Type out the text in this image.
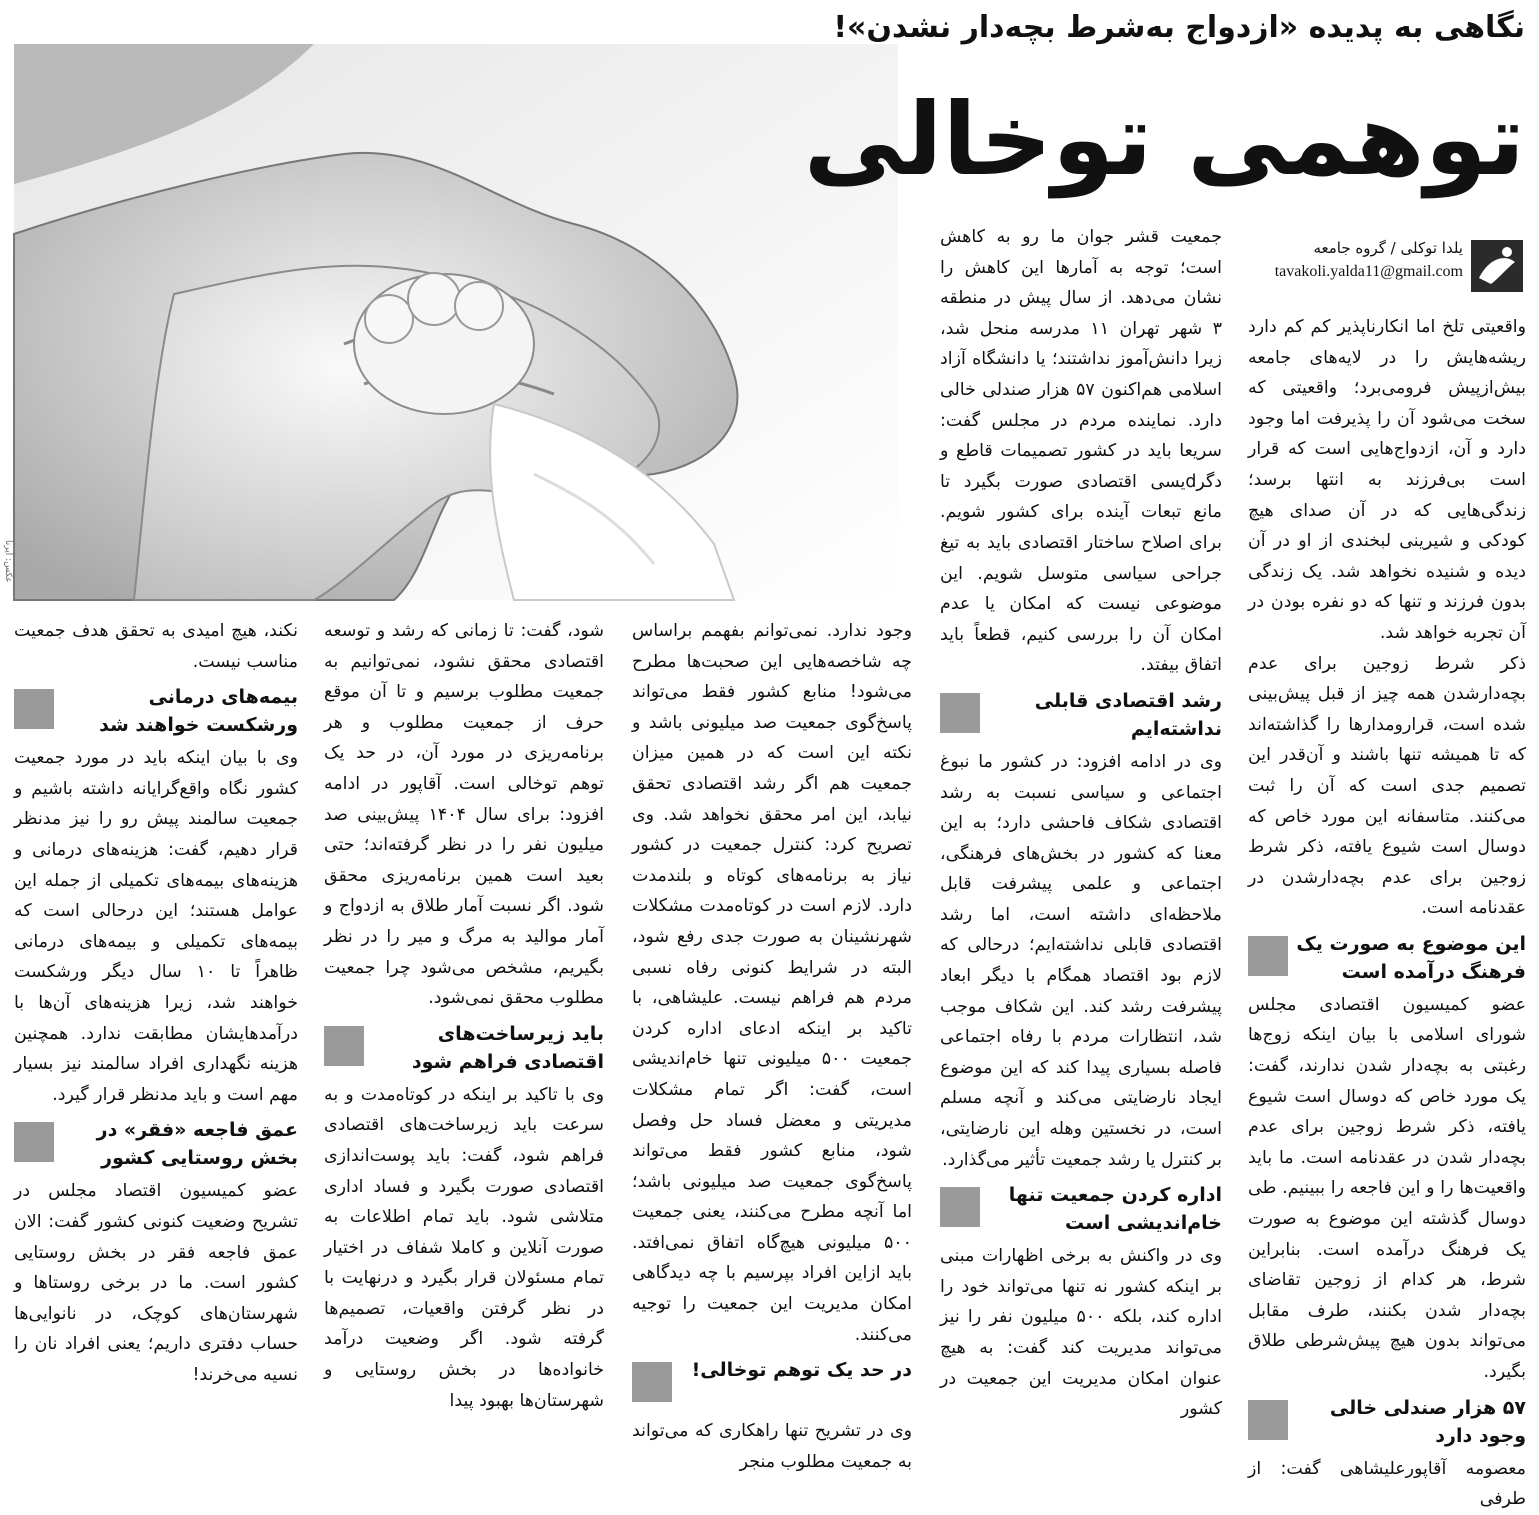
عکس: ایرنا
نگاهی به پدیده «ازدواج به‌شرط بچه‌دار نشدن»!
توهمی توخالی
یلدا توکلی / گروه جامعه
tavakoli.yalda11@gmail.com

واقعیتی تلخ اما انکارناپذیر کم کم دارد ریشه‌هایش را در لایه‌های جامعه بیش‌ازپیش فرومی‌برد؛ واقعیتی که سخت می‌شود آن را پذیرفت اما وجود دارد و آن، ازدواج‌هایی است که قرار است بی‌فرزند به انتها برسد؛ زندگی‌هایی که در آن صدای هیچ کودکی و شیرینی لبخندی از او در آن دیده و شنیده نخواهد شد. یک زندگی بدون فرزند و تنها که دو نفره بودن در آن تجربه خواهد شد.

ذکر شرط زوجین برای عدم بچه‌دارشدن همه چیز از قبل پیش‌بینی شده است، قرارومدارها را گذاشته‌اند که تا همیشه تنها باشند و آن‌قدر این تصمیم جدی است که آن را ثبت می‌کنند. متاسفانه این مورد خاص که دوسال است شیوع یافته، ذکر شرط زوجین برای عدم بچه‌دارشدن در عقدنامه است.

این موضوع به صورت یک فرهنگ درآمده است

عضو کمیسیون اقتصادی مجلس شورای اسلامی با بیان اینکه زوج‌ها رغبتی به بچه‌دار شدن ندارند، گفت: یک مورد خاص که دوسال است شیوع یافته، ذکر شرط زوجین برای عدم بچه‌دار شدن در عقدنامه است. ما باید واقعیت‌ها را و این فاجعه را ببینیم. طی دوسال گذشته این موضوع به صورت یک فرهنگ درآمده است. بنابراین شرط، هر کدام از زوجین تقاضای بچه‌دار شدن بکنند، طرف مقابل می‌تواند بدون هیچ پیش‌شرطی طلاق بگیرد.

۵۷ هزار صندلی خالی وجود دارد

معصومه آقاپور‌علیشاهی گفت: از طرفی

جمعیت قشر جوان ما رو به کاهش است؛ توجه به آمارها این کاهش را نشان می‌دهد. از سال پیش در منطقه ۳ شهر تهران ۱۱ مدرسه منحل شد، زیرا دانش‌آموز نداشتند؛ یا دانشگاه آزاد اسلامی هم‌اکنون ۵۷ هزار صندلی خالی دارد. نماینده مردم در مجلس گفت: سریعا باید در کشور تصمیمات قاطع و دگرdیسی اقتصادی صورت بگیرد تا مانع تبعات آینده برای کشور شویم. برای اصلاح ساختار اقتصادی باید به تیغ جراحی سیاسی متوسل شویم. این موضوعی نیست که امکان یا عدم امکان آن را بررسی کنیم، قطعاً باید اتفاق بیفتد.

رشد اقتصادی قابلی نداشته‌ایم

وی در ادامه افزود: در کشور ما نبوغ اجتماعی و سیاسی نسبت به رشد اقتصادی شکاف فاحشی دارد؛ به این معنا که کشور در بخش‌های فرهنگی، اجتماعی و علمی پیشرفت قابل ملاحظه‌ای داشته است، اما رشد اقتصادی قابلی نداشته‌ایم؛ درحالی که لازم بود اقتصاد همگام با دیگر ابعاد پیشرفت رشد کند. این شکاف موجب شد، انتظارات مردم با رفاه اجتماعی فاصله بسیاری پیدا کند که این موضوع ایجاد نارضایتی می‌کند و آنچه مسلم است، در نخستین وهله این نارضایتی، بر کنترل یا رشد جمعیت تأثیر می‌گذارد.

اداره کردن جمعیت تنها خام‌اندیشی است

وی در واکنش به برخی اظهارات مبنی بر اینکه کشور نه تنها می‌تواند خود را اداره کند، بلکه ۵۰۰ میلیون نفر را نیز می‌تواند مدیریت کند گفت: به هیچ عنوان امکان مدیریت این جمعیت در کشور

وجود ندارد. نمی‌توانم بفهمم براساس چه شاخصه‌هایی این صحبت‌ها مطرح می‌شود! منابع کشور فقط می‌تواند پاسخ‌گوی جمعیت صد میلیونی باشد و نکته این است که در همین میزان جمعیت هم اگر رشد اقتصادی تحقق نیابد، این امر محقق نخواهد شد. وی تصریح کرد: کنترل جمعیت در کشور نیاز به برنامه‌های کوتاه و بلندمدت دارد. لازم است در کوتاه‌مدت مشکلات شهرنشینان به صورت جدی رفع شود، البته در شرایط کنونی رفاه نسبی مردم هم فراهم نیست. علیشاهی، با تاکید بر اینکه ادعای اداره کردن جمعیت ۵۰۰ میلیونی تنها خام‌اندیشی است، گفت: اگر تمام مشکلات مدیریتی و معضل فساد حل وفصل شود، منابع کشور فقط می‌تواند پاسخ‌گوی جمعیت صد میلیونی باشد؛ اما آنچه مطرح می‌کنند، یعنی جمعیت ۵۰۰ میلیونی هیچ‌گاه اتفاق نمی‌افتد. باید ازاین افراد بپرسیم با چه دیدگاهی امکان مدیریت این جمعیت را توجیه می‌کنند.

در حد یک توهم توخالی!

وی در تشریح تنها راهکاری که می‌تواند به جمعیت مطلوب منجر

شود، گفت: تا زمانی که رشد و توسعه اقتصادی محقق نشود، نمی‌توانیم به جمعیت مطلوب برسیم و تا آن موقع حرف از جمعیت مطلوب و هر برنامه‌ریزی در مورد آن، در حد یک توهم توخالی است. آقاپور در ادامه افزود: برای سال ۱۴۰۴ پیش‌بینی صد میلیون نفر را در نظر گرفته‌اند؛ حتی بعید است همین برنامه‌ریزی محقق شود. اگر نسبت آمار طلاق به ازدواج و آمار موالید به مرگ و میر را در نظر بگیریم، مشخص می‌شود چرا جمعیت مطلوب محقق نمی‌شود.

باید زیرساخت‌های اقتصادی فراهم شود

وی با تاکید بر اینکه در کوتاه‌مدت و به سرعت باید زیرساخت‌های اقتصادی فراهم شود، گفت: باید پوست‌اندازی اقتصادی صورت بگیرد و فساد اداری متلاشی شود. باید تمام اطلاعات به صورت آنلاین و کاملا شفاف در اختیار تمام مسئولان قرار بگیرد و درنهایت با در نظر گرفتن واقعیات، تصمیم‌ها گرفته شود. اگر وضعیت درآمد خانواده‌ها در بخش روستایی و شهرستان‌ها بهبود پیدا

نکند، هیچ امیدی به تحقق هدف جمعیت مناسب نیست.

بیمه‌های درمانی ورشکست خواهند شد

وی با بیان اینکه باید در مورد جمعیت کشور نگاه واقع‌گرایانه داشته باشیم و جمعیت سالمند پیش رو را نیز مدنظر قرار دهیم، گفت: هزینه‌های درمانی و هزینه‌های بیمه‌های تکمیلی از جمله این عوامل هستند؛ این درحالی است که بیمه‌های تکمیلی و بیمه‌های درمانی ظاهراً تا ۱۰ سال دیگر ورشکست خواهند شد، زیرا هزینه‌های آن‌ها با درآمدهایشان مطابقت ندارد. همچنین هزینه نگهداری افراد سالمند نیز بسیار مهم است و باید مدنظر قرار گیرد.

عمق فاجعه «فقر» در بخش روستایی کشور

عضو کمیسیون اقتصاد مجلس در تشریح وضعیت کنونی کشور گفت: الان عمق فاجعه فقر در بخش روستایی کشور است. ما در برخی روستاها و شهرستان‌های کوچک، در نانوایی‌ها حساب دفتری داریم؛ یعنی افراد نان را نسیه می‌خرند!
